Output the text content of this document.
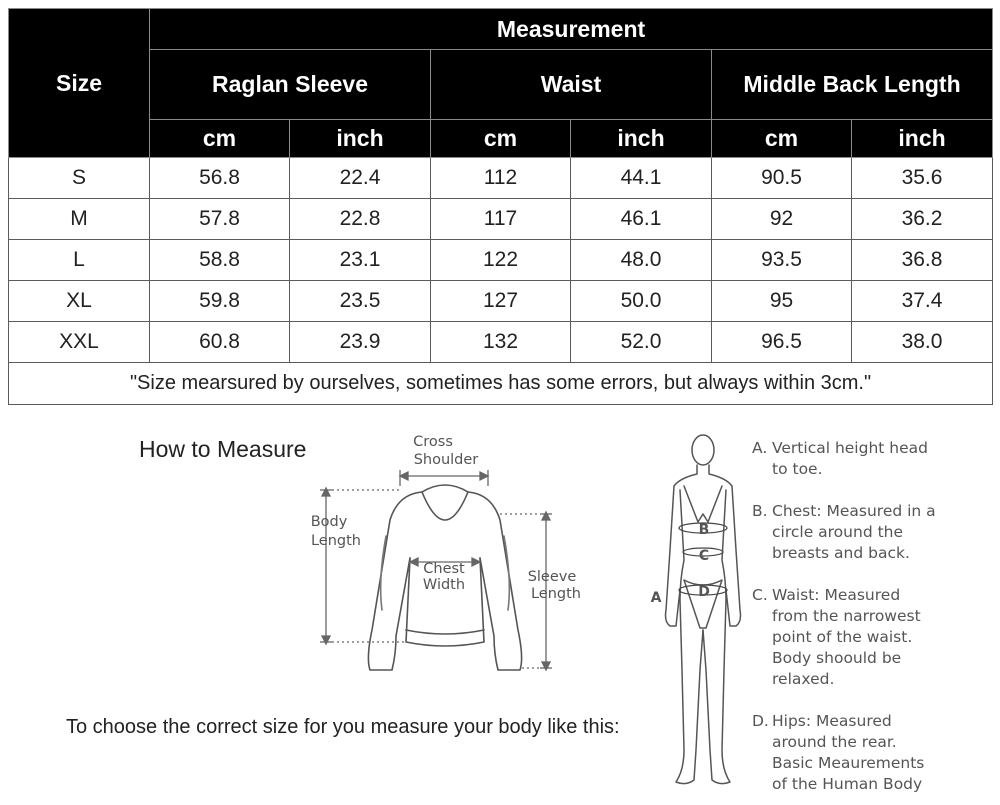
Size	Measurement					
	Raglan Sleeve		Waist		Middle Back Length	
	cm	inch	cm	inch	cm	inch
S	56.8	22.4	112	44.1	90.5	35.6
M	57.8	22.8	117	46.1	92	36.2
L	58.8	23.1	122	48.0	93.5	36.8
XL	59.8	23.5	127	50.0	95	37.4
XXL	60.8	23.9	132	52.0	96.5	38.0
"Size mearsured by ourselves, sometimes has some errors, but always within 3cm."						
How to Measure	Cross
Shoulder
Body
Length
Chest
Width	Sleeve
Length
B
C
D
A
A. Vertical height head
to toe.
B. Chest: Measured in a
circle around the
breasts and back.
C. Waist: Measured
from the narrowest
point of the waist.
Body shoould be
relaxed.
D. Hips: Measured
around the rear.
Basic Meaurements
of the Human Body
To choose the correct size for you measure your body like this:
